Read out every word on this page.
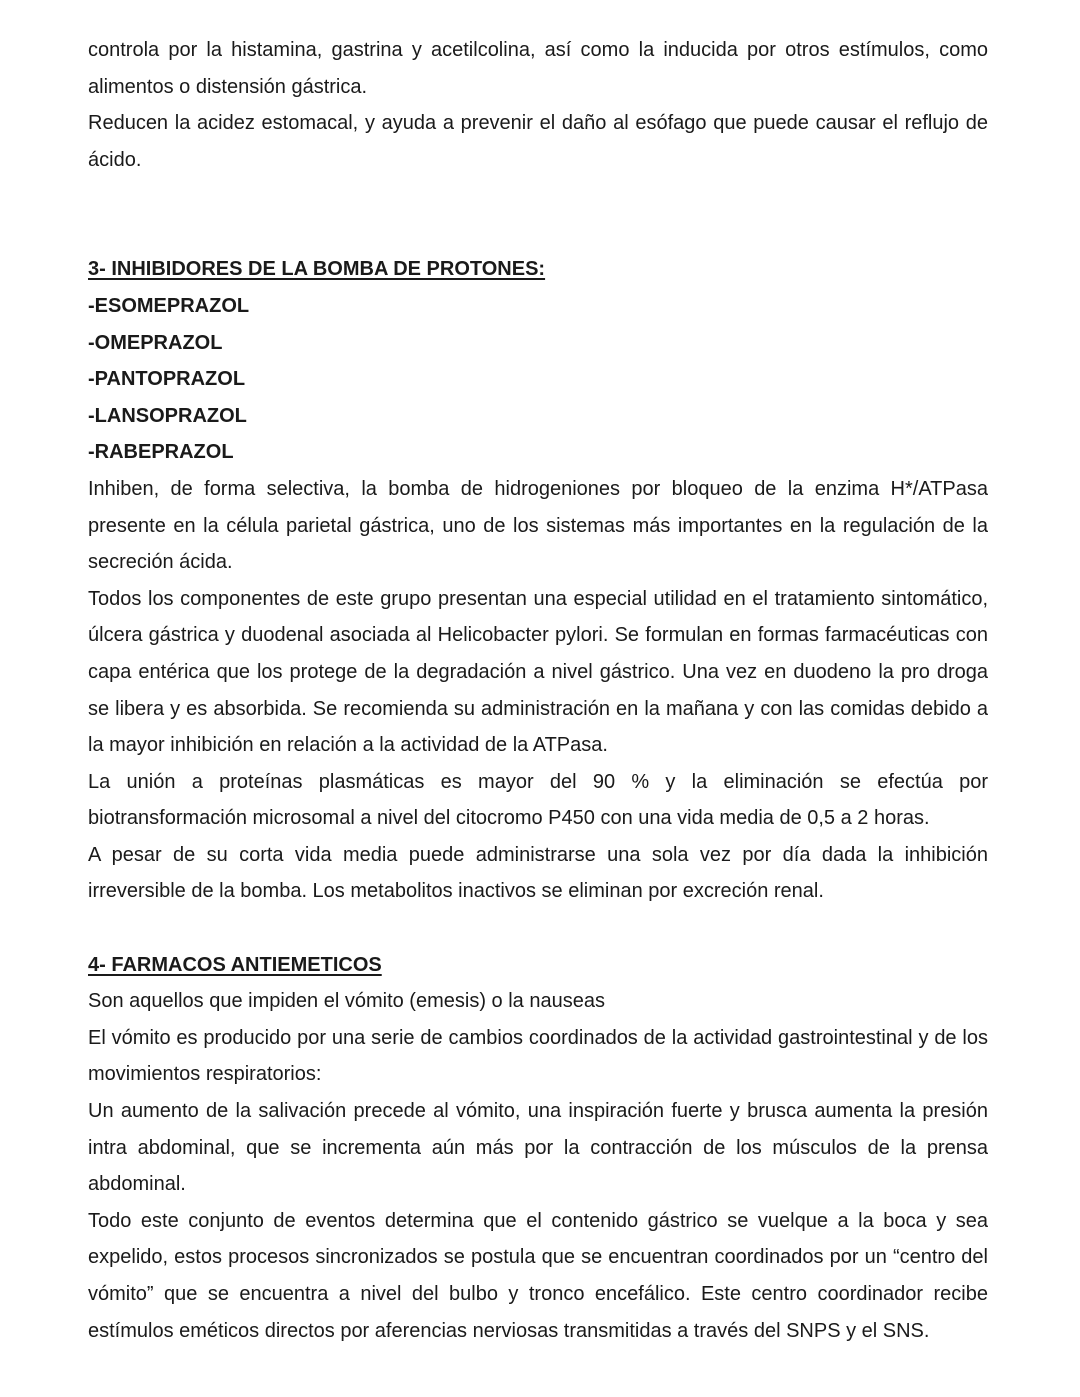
controla por la histamina, gastrina y acetilcolina, así como la inducida por otros estímulos, como alimentos o distensión gástrica.

Reducen la acidez estomacal, y ayuda a prevenir el daño al esófago que puede causar el reflujo de ácido.

3- INHIBIDORES DE LA BOMBA DE PROTONES:

-ESOMEPRAZOL

-OMEPRAZOL

-PANTOPRAZOL

-LANSOPRAZOL

-RABEPRAZOL

Inhiben, de forma selectiva, la bomba de hidrogeniones por bloqueo de la enzima H*/ATPasa presente en la célula parietal gástrica, uno de los sistemas más importantes en la regulación de la secreción ácida.

Todos los componentes de este grupo presentan una especial utilidad en el tratamiento sintomático, úlcera gástrica y duodenal asociada al Helicobacter pylori. Se formulan en formas farmacéuticas con capa entérica que los protege de la degradación a nivel gástrico. Una vez en duodeno la pro droga se libera y es absorbida. Se recomienda su administración en la mañana y con las comidas debido a la mayor inhibición en relación a la actividad de la ATPasa.

La unión a proteínas plasmáticas es mayor del 90 % y la eliminación se efectúa por biotransformación microsomal a nivel del citocromo P450 con una vida media de 0,5 a 2 horas.

A pesar de su corta vida media puede administrarse una sola vez por día dada la inhibición irreversible de la bomba. Los metabolitos inactivos se eliminan por excreción renal.

4- FARMACOS ANTIEMETICOS

Son aquellos que impiden el vómito (emesis) o la nauseas

El vómito es producido por una serie de cambios coordinados de la actividad gastrointestinal y de los movimientos respiratorios:

Un aumento de la salivación precede al vómito, una inspiración fuerte y brusca aumenta la presión intra abdominal, que se incrementa aún más por la contracción de los músculos de la prensa abdominal.

Todo este conjunto de eventos determina que el contenido gástrico se vuelque a la boca y sea expelido, estos procesos sincronizados se postula que se encuentran coordinados por un “centro del vómito” que se encuentra a nivel del bulbo y tronco encefálico. Este centro coordinador recibe estímulos eméticos directos por aferencias nerviosas transmitidas a través del SNPS y el SNS.
